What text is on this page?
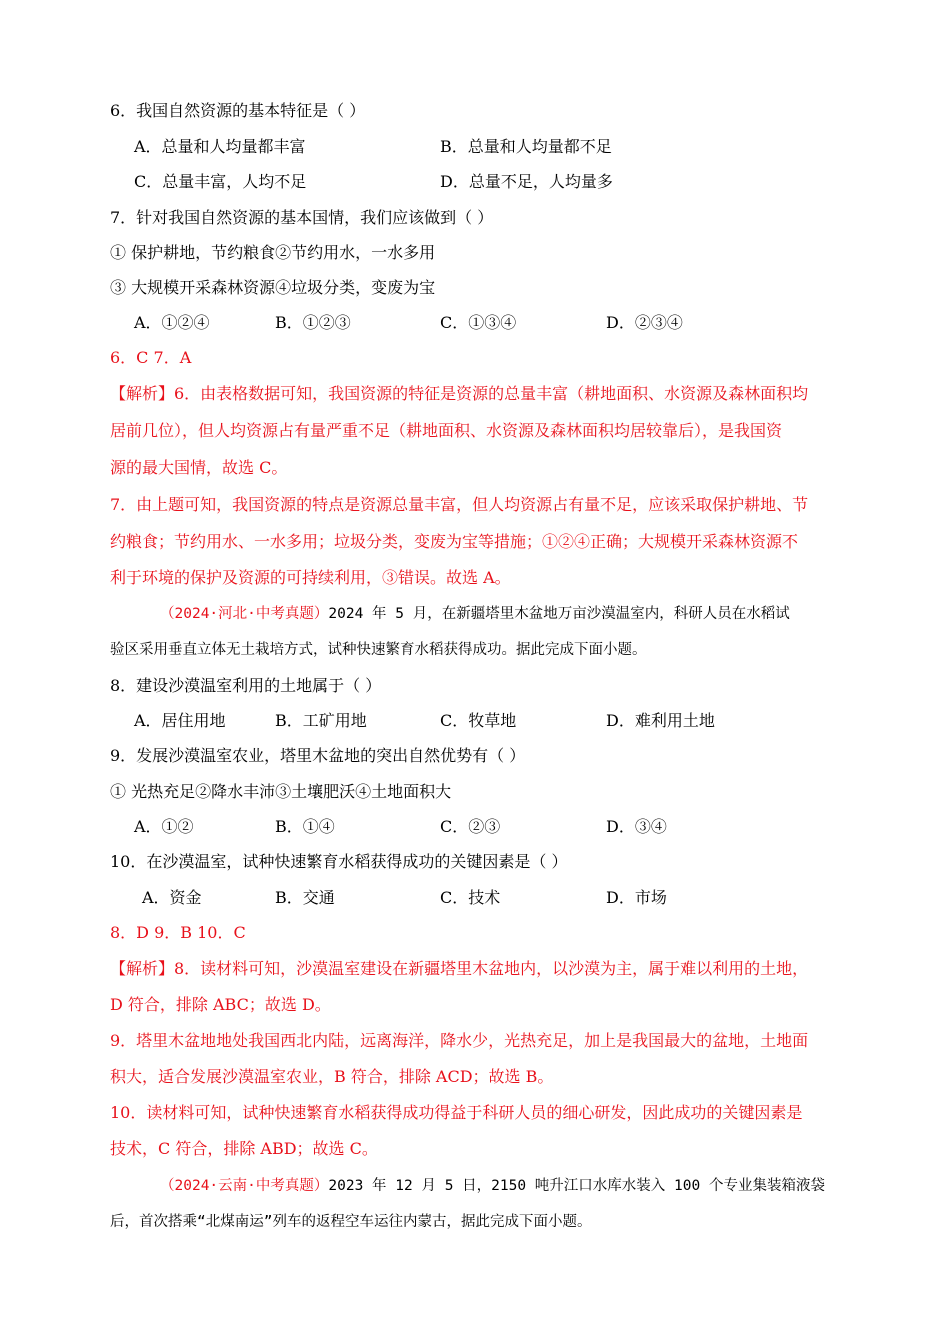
6．我国自然资源的基本特征是（ ）
A．总量和人均量都丰富	B．总量和人均量都不足
C．总量丰富，人均不足	D．总量不足，人均量多
7．针对我国自然资源的基本国情，我们应该做到（ ）
① 保护耕地，节约粮食②节约用水，一水多用
③ 大规模开采森林资源④垃圾分类，变废为宝
A．①②④	B．①②③	C．①③④	D．②③④
6．C 7．A
【解析】6．由表格数据可知，我国资源的特征是资源的总量丰富（耕地面积、水资源及森林面积均
居前几位），但人均资源占有量严重不足（耕地面积、水资源及森林面积均居较靠后），是我国资
源的最大国情，故选 C。
7．由上题可知，我国资源的特点是资源总量丰富，但人均资源占有量不足，应该采取保护耕地、节
约粮食；节约用水、一水多用；垃圾分类，变废为宝等措施；①②④正确；大规模开采森林资源不
利于环境的保护及资源的可持续利用，③错误。故选 A。
（2024·河北·中考真题）2024 年 5 月，在新疆塔里木盆地万亩沙漠温室内，科研人员在水稻试
验区采用垂直立体无土栽培方式，试种快速繁育水稻获得成功。据此完成下面小题。
8．建设沙漠温室利用的土地属于（ ）
A．居住用地	B．工矿用地	C．牧草地	D．难利用土地
9．发展沙漠温室农业，塔里木盆地的突出自然优势有（ ）
① 光热充足②降水丰沛③土壤肥沃④土地面积大
A．①②	B．①④	C．②③	D．③④
10．在沙漠温室，试种快速繁育水稻获得成功的关键因素是（ ）
A．资金	B．交通	C．技术	D．市场
8．D 9．B 10．C
【解析】8．读材料可知，沙漠温室建设在新疆塔里木盆地内，以沙漠为主，属于难以利用的土地，
D 符合，排除 ABC；故选 D。
9．塔里木盆地地处我国西北内陆，远离海洋，降水少，光热充足，加上是我国最大的盆地，土地面
积大，适合发展沙漠温室农业，B 符合，排除 ACD；故选 B。
10．读材料可知，试种快速繁育水稻获得成功得益于科研人员的细心研发，因此成功的关键因素是
技术，C 符合，排除 ABD；故选 C。
（2024·云南·中考真题）2023 年 12 月 5 日，2150 吨升江口水库水装入 100 个专业集装箱液袋
后，首次搭乘“北煤南运”列车的返程空车运往内蒙古，据此完成下面小题。
